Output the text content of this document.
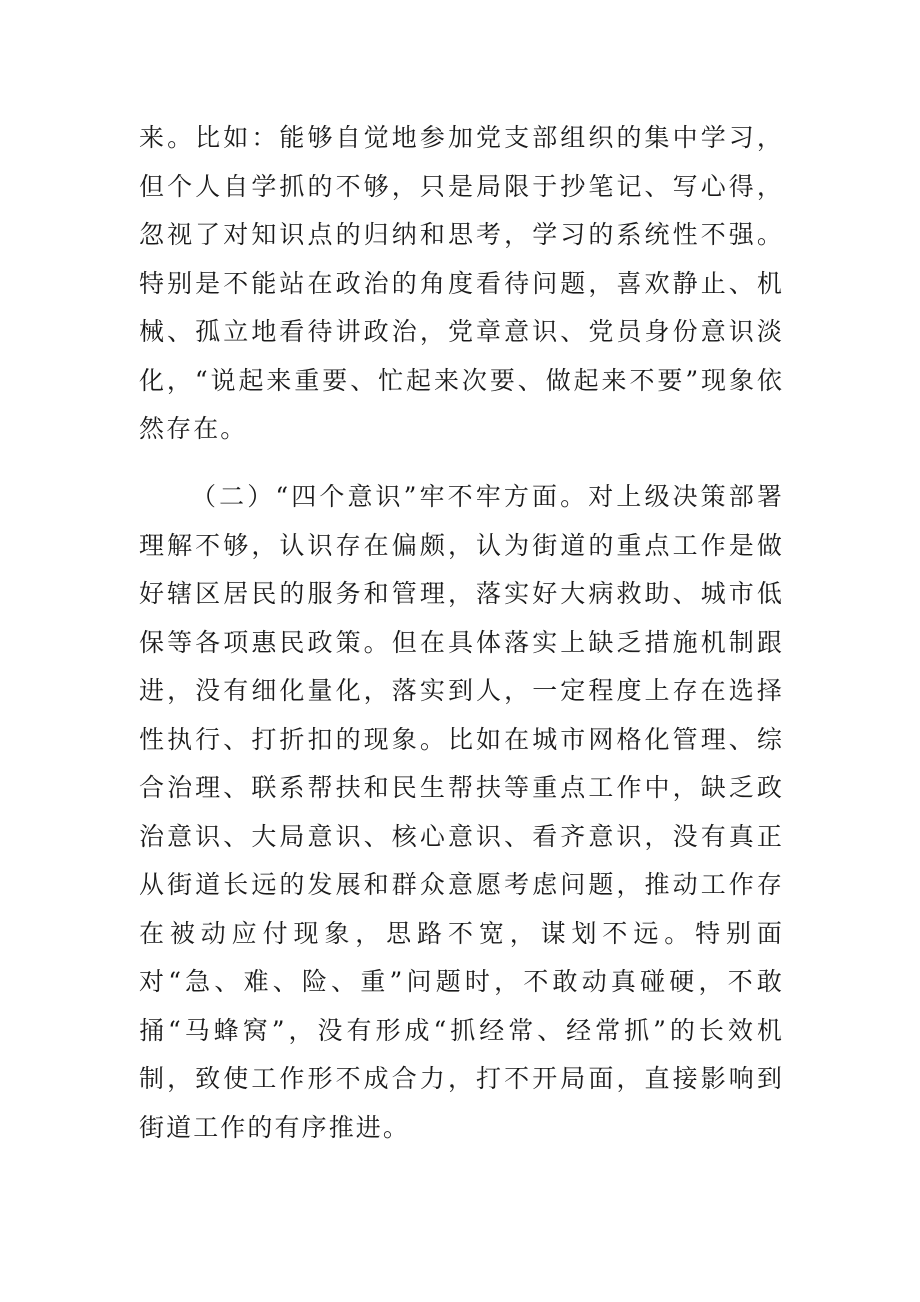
来。比如：能够自觉地参加党支部组织的集中学习，但个人自学抓的不够，只是局限于抄笔记、写心得，忽视了对知识点的归纳和思考，学习的系统性不强。特别是不能站在政治的角度看待问题，喜欢静止、机械、孤立地看待讲政治，党章意识、党员身份意识淡化，“说起来重要、忙起来次要、做起来不要”现象依然存在。

（二）“四个意识”牢不牢方面。对上级决策部署理解不够，认识存在偏颇，认为街道的重点工作是做好辖区居民的服务和管理，落实好大病救助、城市低保等各项惠民政策。但在具体落实上缺乏措施机制跟进，没有细化量化，落实到人，一定程度上存在选择性执行、打折扣的现象。比如在城市网格化管理、综合治理、联系帮扶和民生帮扶等重点工作中，缺乏政治意识、大局意识、核心意识、看齐意识，没有真正从街道长远的发展和群众意愿考虑问题，推动工作存在被动应付现象，思路不宽，谋划不远。特别面对“急、难、险、重”问题时，不敢动真碰硬，不敢捅“马蜂窝”，没有形成“抓经常、经常抓”的长效机制，致使工作形不成合力，打不开局面，直接影响到街道工作的有序推进。
